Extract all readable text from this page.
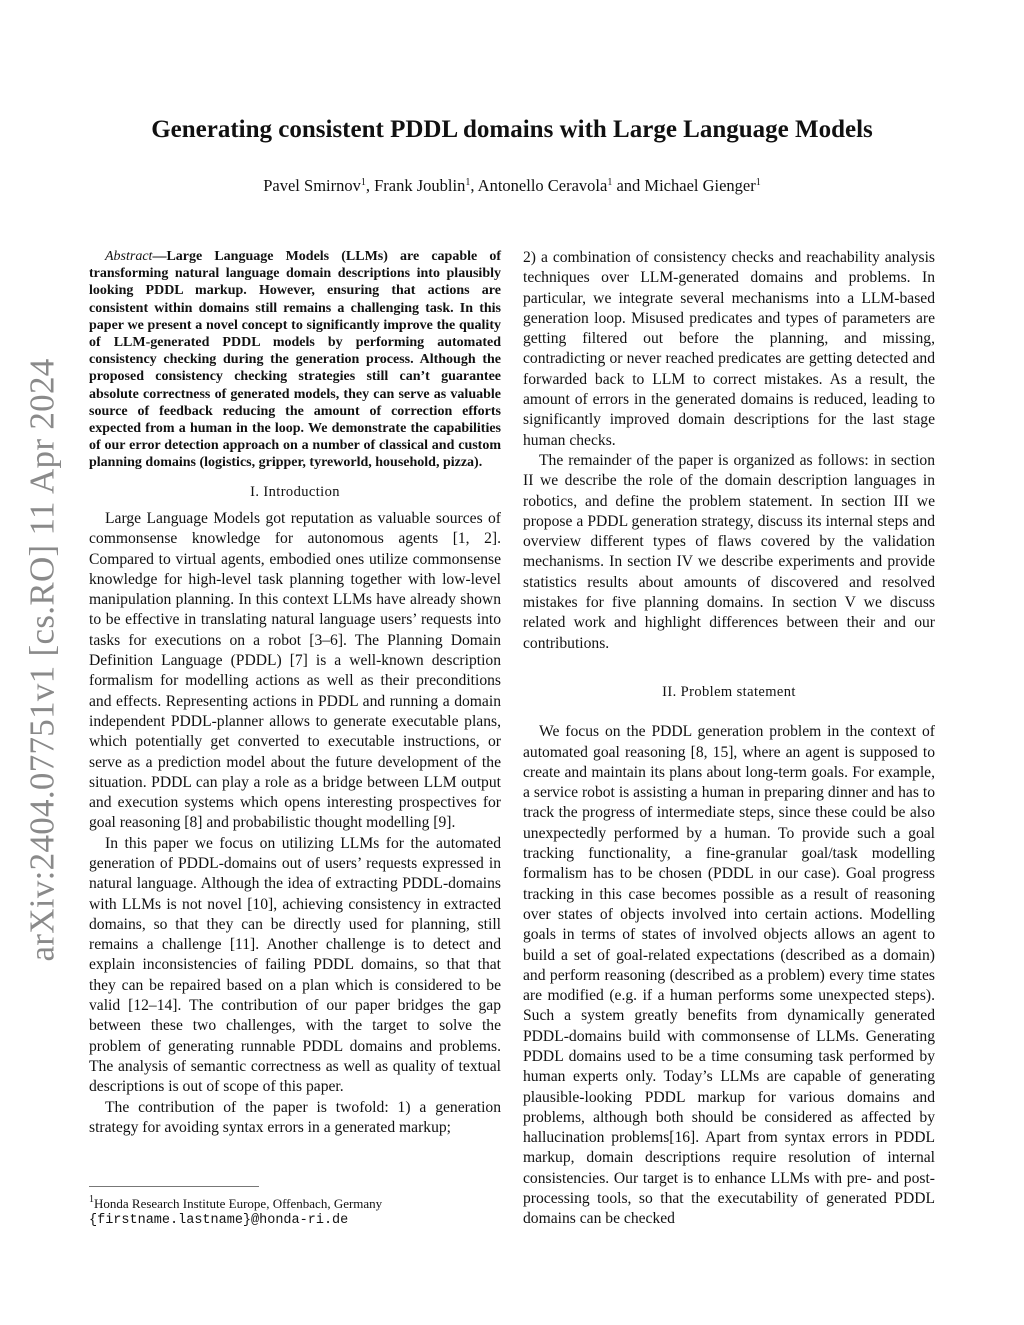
arXiv:2404.07751v1 [cs.RO] 11 Apr 2024
Generating consistent PDDL domains with Large Language Models

Pavel Smirnov$^1$, Frank Joublin$^1$, Antonello Ceravola$^1$ and Michael Gienger$^1$

Abstract—Large Language Models (LLMs) are capable of transforming natural language domain descriptions into plausibly looking PDDL markup. However, ensuring that actions are consistent within domains still remains a challenging task. In this paper we present a novel concept to significantly improve the quality of LLM-generated PDDL models by performing automated consistency checking during the generation process. Although the proposed consistency checking strategies still can’t guarantee absolute correctness of generated models, they can serve as valuable source of feedback reducing the amount of correction efforts expected from a human in the loop. We demonstrate the capabilities of our error detection approach on a number of classical and custom planning domains (logistics, gripper, tyreworld, household, pizza).

I. Introduction

Large Language Models got reputation as valuable sources of commonsense knowledge for autonomous agents [1, 2]. Compared to virtual agents, embodied ones utilize commonsense knowledge for high-level task planning together with low-level manipulation planning. In this context LLMs have already shown to be effective in translating natural language users’ requests into tasks for executions on a robot [3–6]. The Planning Domain Definition Language (PDDL) [7] is a well-known description formalism for modelling actions as well as their preconditions and effects. Representing actions in PDDL and running a domain independent PDDL-planner allows to generate executable plans, which potentially get converted to executable instructions, or serve as a prediction model about the future development of the situation. PDDL can play a role as a bridge between LLM output and execution systems which opens interesting prospectives for goal reasoning [8] and probabilistic thought modelling [9].

In this paper we focus on utilizing LLMs for the automated generation of PDDL-domains out of users’ requests expressed in natural language. Although the idea of extracting PDDL-domains with LLMs is not novel [10], achieving consistency in extracted domains, so that they can be directly used for planning, still remains a challenge [11]. Another challenge is to detect and explain inconsistencies of failing PDDL domains, so that that they can be repaired based on a plan which is considered to be valid [12–14]. The contribution of our paper bridges the gap between these two challenges, with the target to solve the problem of generating runnable PDDL domains and problems. The analysis of semantic correctness as well as quality of textual descriptions is out of scope of this paper.

The contribution of the paper is twofold: 1) a generation strategy for avoiding syntax errors in a generated markup;

2) a combination of consistency checks and reachability analysis techniques over LLM-generated domains and problems. In particular, we integrate several mechanisms into a LLM-based generation loop. Misused predicates and types of parameters are getting filtered out before the planning, and missing, contradicting or never reached predicates are getting detected and forwarded back to LLM to correct mistakes. As a result, the amount of errors in the generated domains is reduced, leading to significantly improved domain descriptions for the last stage human checks.

The remainder of the paper is organized as follows: in section II we describe the role of the domain description languages in robotics, and define the problem statement. In section III we propose a PDDL generation strategy, discuss its internal steps and overview different types of flaws covered by the validation mechanisms. In section IV we describe experiments and provide statistics results about amounts of discovered and resolved mistakes for five planning domains. In section V we discuss related work and highlight differences between their and our contributions.

II. Problem statement

We focus on the PDDL generation problem in the context of automated goal reasoning [8, 15], where an agent is supposed to create and maintain its plans about long-term goals. For example, a service robot is assisting a human in preparing dinner and has to track the progress of intermediate steps, since these could be also unexpectedly performed by a human. To provide such a goal tracking functionality, a fine-granular goal/task modelling formalism has to be chosen (PDDL in our case). Goal progress tracking in this case becomes possible as a result of reasoning over states of objects involved into certain actions. Modelling goals in terms of states of involved objects allows an agent to build a set of goal-related expectations (described as a domain) and perform reasoning (described as a problem) every time states are modified (e.g. if a human performs some unexpected steps). Such a system greatly benefits from dynamically generated PDDL-domains build with commonsense of LLMs. Generating PDDL domains used to be a time consuming task performed by human experts only. Today’s LLMs are capable of generating plausible-looking PDDL markup for various domains and problems, although both should be considered as affected by hallucination problems[16]. Apart from syntax errors in PDDL markup, domain descriptions require resolution of internal consistencies. Our target is to enhance LLMs with pre- and post-processing tools, so that the executability of generated PDDL domains can be checked

$^1$Honda Research Institute Europe, Offenbach, Germany
{firstname.lastname}@honda-ri.de
